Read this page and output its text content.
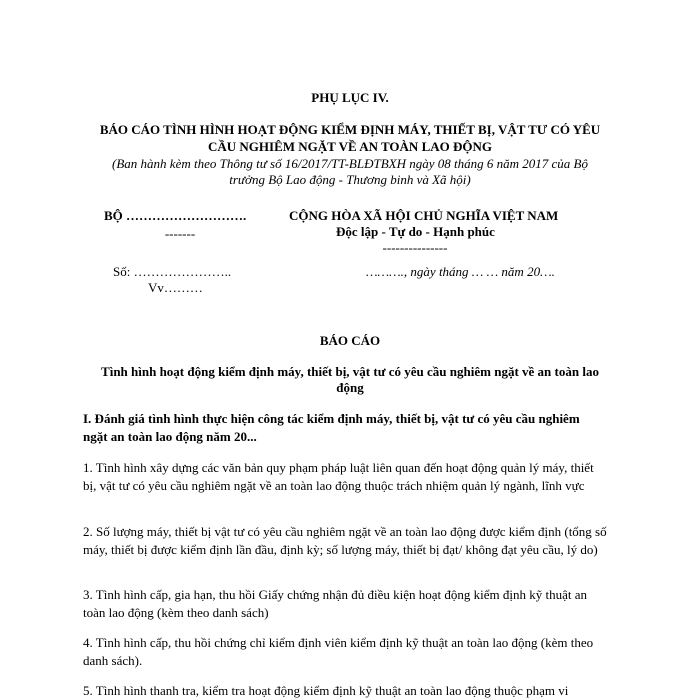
PHỤ LỤC IV.
BÁO CÁO TÌNH HÌNH HOẠT ĐỘNG KIỂM ĐỊNH MÁY, THIẾT BỊ, VẬT TƯ CÓ YÊU
CẦU NGHIÊM NGẶT VỀ AN TOÀN LAO ĐỘNG
(Ban hành kèm theo Thông tư số 16/2017/TT-BLĐTBXH ngày 08 tháng 6 năm 2017 của Bộ
trưởng Bộ Lao động - Thương binh và Xã hội)
BỘ ……………………….
-------
Số: …………………..
Vv………
CỘNG HÒA XÃ HỘI CHỦ NGHĨA VIỆT NAM
Độc lập - Tự do - Hạnh phúc
---------------
………., ngày tháng … … năm 20….
BÁO CÁO
Tình hình hoạt động kiểm định máy, thiết bị, vật tư có yêu cầu nghiêm ngặt về an toàn lao
động
I. Đánh giá tình hình thực hiện công tác kiểm định máy, thiết bị, vật tư có yêu cầu nghiêm ngặt an toàn lao động năm 20...
1. Tình hình xây dựng các văn bản quy phạm pháp luật liên quan đến hoạt động quản lý máy, thiết bị, vật tư có yêu cầu nghiêm ngặt về an toàn lao động thuộc trách nhiệm quản lý ngành, lĩnh vực
2. Số lượng máy, thiết bị vật tư có yêu cầu nghiêm ngặt về an toàn lao động được kiểm định (tổng số máy, thiết bị được kiểm định lần đầu, định kỳ; số lượng máy, thiết bị đạt/ không đạt yêu cầu, lý do)
3. Tình hình cấp, gia hạn, thu hồi Giấy chứng nhận đủ điều kiện hoạt động kiểm định kỹ thuật an toàn lao động (kèm theo danh sách)
4. Tình hình cấp, thu hồi chứng chỉ kiểm định viên kiểm định kỹ thuật an toàn lao động (kèm theo danh sách).
5. Tình hình thanh tra, kiểm tra hoạt động kiểm định kỹ thuật an toàn lao động thuộc phạm vi
